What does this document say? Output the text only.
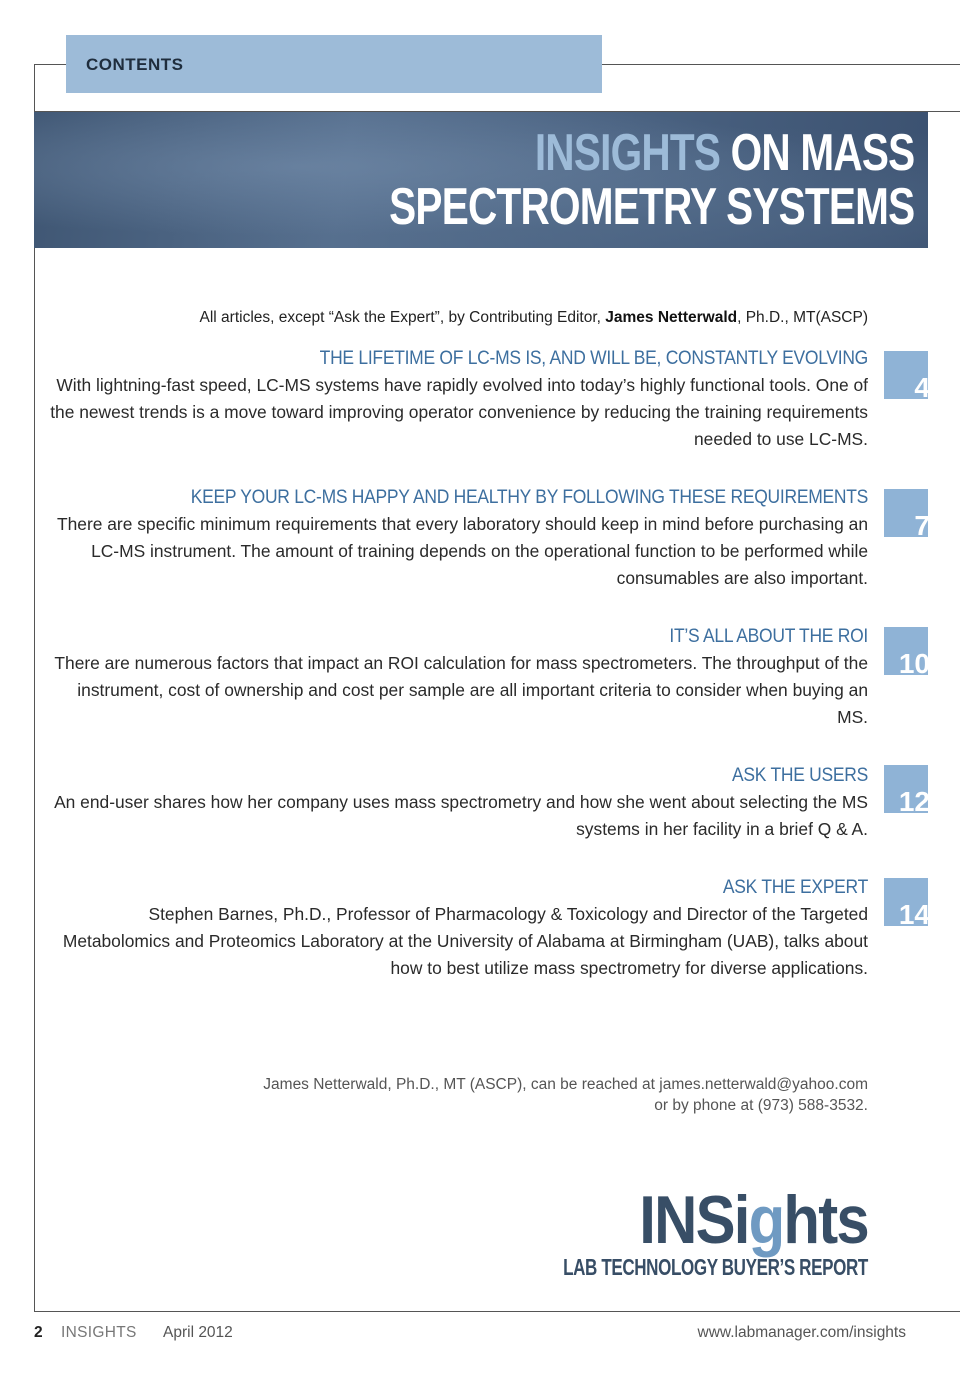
CONTENTS
INSIGHTS ON MASS
SPECTROMETRY SYSTEMS
All articles, except “Ask the Expert”, by Contributing Editor, James Netterwald, Ph.D., MT(ASCP)
THE LIFETIME OF LC-MS IS, AND WILL BE, CONSTANTLY EVOLVING
With lightning-fast speed, LC-MS systems have rapidly evolved into today’s highly functional tools. One of the newest trends is a move toward improving operator convenience by reducing the training requirements needed to use LC-MS.
4
KEEP YOUR LC-MS HAPPY AND HEALTHY BY FOLLOWING THESE REQUIREMENTS
There are specific minimum requirements that every laboratory should keep in mind before purchasing an LC-MS instrument. The amount of training depends on the operational function to be performed while consumables are also important.
7
IT’S ALL ABOUT THE ROI
There are numerous factors that impact an ROI calculation for mass spectrometers. The throughput of the instrument, cost of ownership and cost per sample are all important criteria to consider when buying an MS.
10
ASK THE USERS
An end-user shares how her company uses mass spectrometry and how she went about selecting the MS systems in her facility in a brief Q & A.
12
ASK THE EXPERT
Stephen Barnes, Ph.D., Professor of Pharmacology & Toxicology and Director of the Targeted Metabolomics and Proteomics Laboratory at the University of Alabama at Birmingham (UAB), talks about how to best utilize mass spectrometry for diverse applications.
14
James Netterwald, Ph.D., MT (ASCP), can be reached at james.netterwald@yahoo.com
or by phone at (973) 588-3532.
INSights
LAB TECHNOLOGY BUYER’S REPORT
2 INSIGHTS April 2012	www.labmanager.com/insights
